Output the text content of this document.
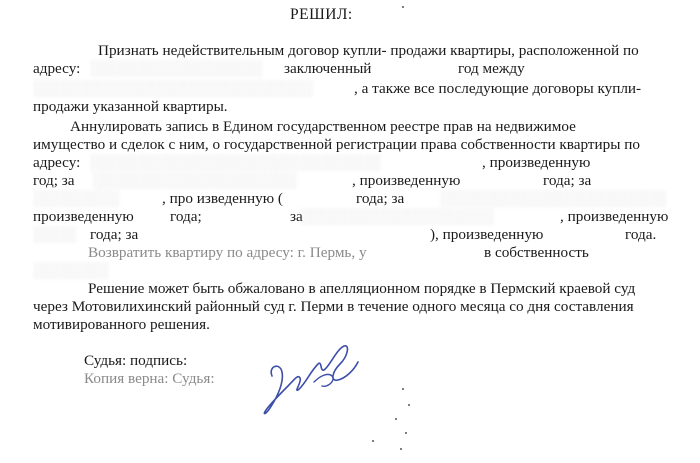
РЕШИЛ:
Признать недействительным договор купли- продажи квартиры, расположенной по
адресу:	заключенный	год между
, а также все последующие договоры купли-
продажи указанной квартиры.
Аннулировать запись в Едином государственном реестре прав на недвижимое
имущество и сделок с ним, о государственной регистрации права собственности квартиры по
адресу:	, произведенную
год; за	, произведенную	года; за
, про изведенную (	года; за
произведенную года;	за	, произведенную
года; за	), произведенную	года.
Возвратить квартиру по адресу: г. Пермь, у	в собственность
░░░░░░░░░░░░░░░░
░░░░░░░░░░░░░░░░░░░░░░░░░░
░░░░░░░░░░░░░░░░░░░░░░░░░░░
░░░░░░░░░░░░░░░░░░░
░░░░░░░░	░░░░░░░░░░░░░░░░░░░░░
░░░░░░░░░░░░░░░░░░
░░░░
░░░░░░░
Решение может быть обжаловано в апелляционном порядке в Пермский краевой суд
через Мотовилихинский районный суд г. Перми в течение одного месяца со дня составления
мотивированного решения.
Судья: подпись:
Копия верна: Судья:
